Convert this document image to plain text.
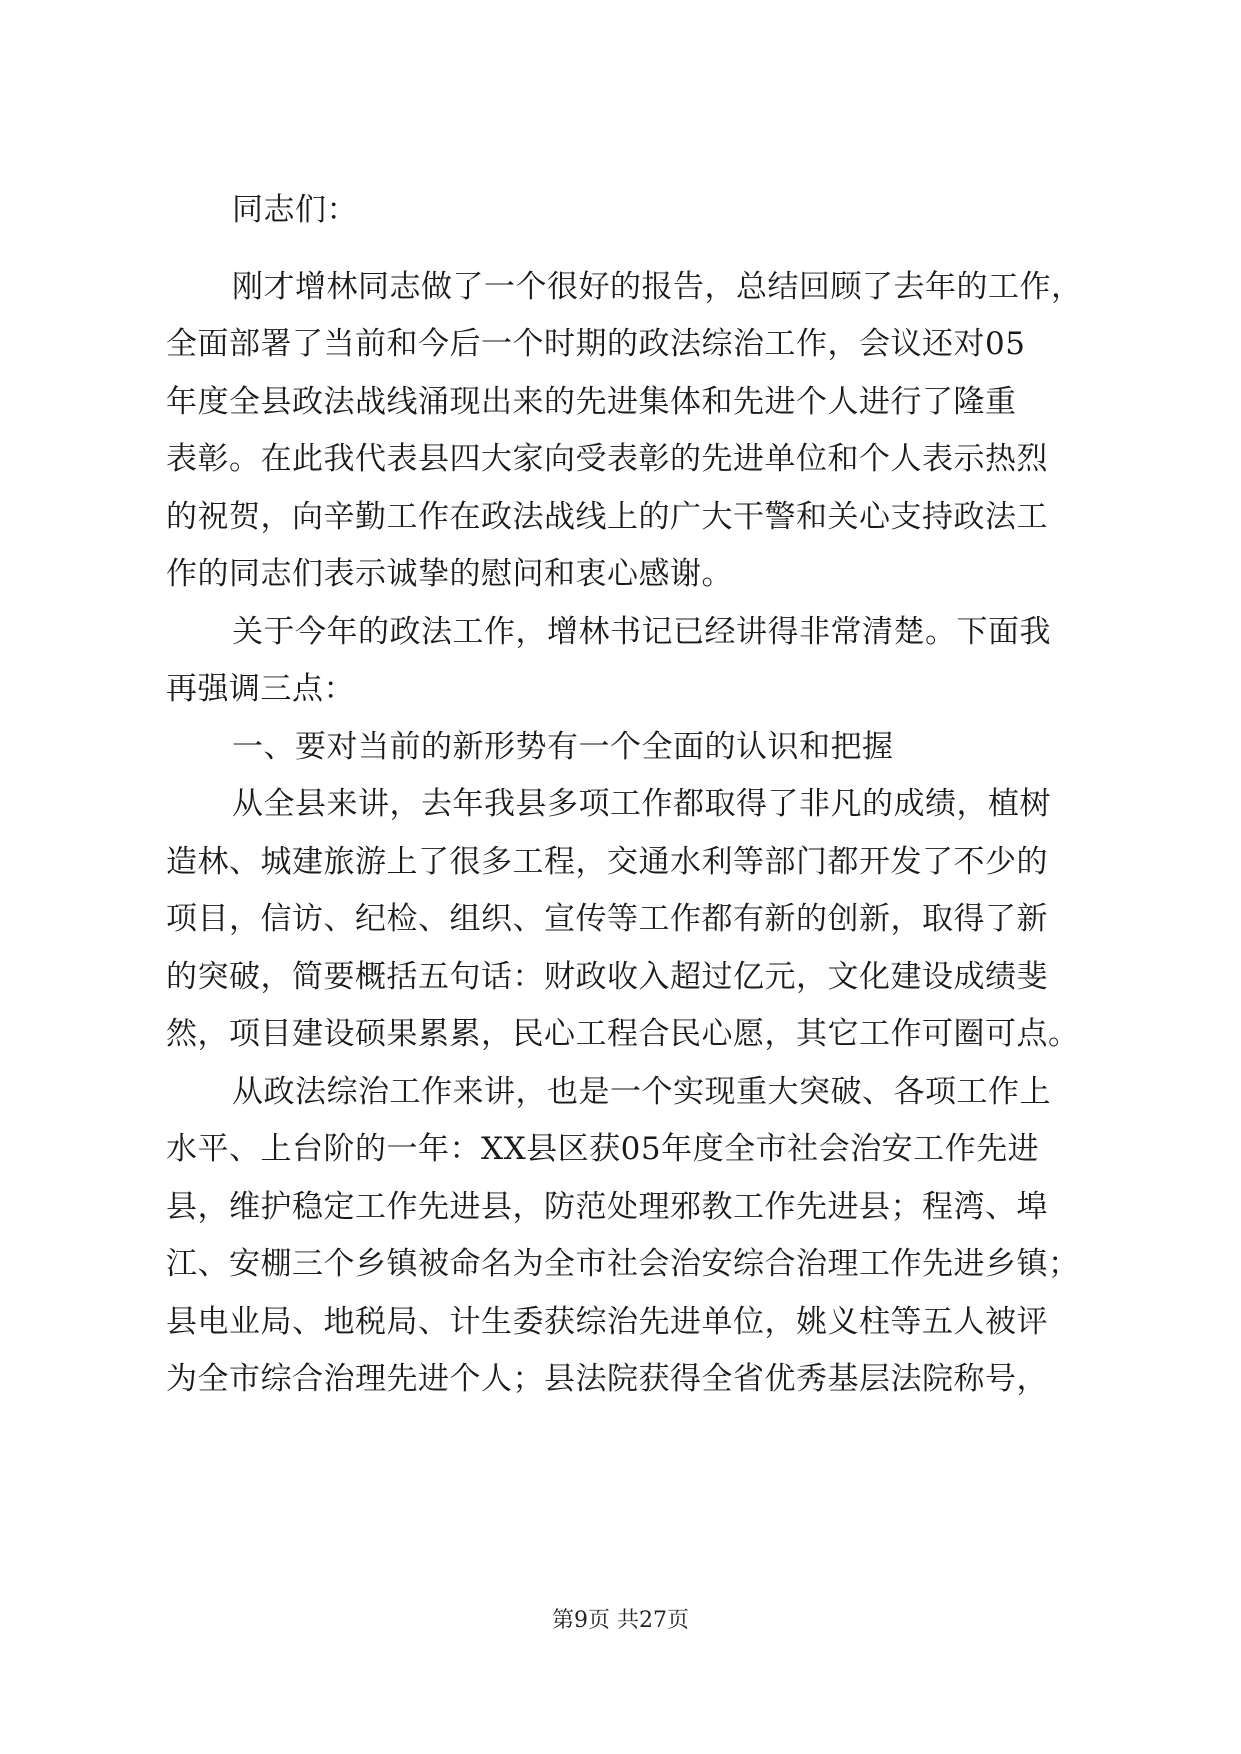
同志们：
刚才增林同志做了一个很好的报告，总结回顾了去年的工作，
全面部署了当前和今后一个时期的政法综治工作，会议还对05
年度全县政法战线涌现出来的先进集体和先进个人进行了隆重
表彰。在此我代表县四大家向受表彰的先进单位和个人表示热烈
的祝贺，向辛勤工作在政法战线上的广大干警和关心支持政法工
作的同志们表示诚挚的慰问和衷心感谢。
关于今年的政法工作，增林书记已经讲得非常清楚。下面我
再强调三点：
一、要对当前的新形势有一个全面的认识和把握
从全县来讲，去年我县多项工作都取得了非凡的成绩，植树
造林、城建旅游上了很多工程，交通水利等部门都开发了不少的
项目，信访、纪检、组织、宣传等工作都有新的创新，取得了新
的突破，简要概括五句话：财政收入超过亿元，文化建设成绩斐
然，项目建设硕果累累，民心工程合民心愿，其它工作可圈可点。
从政法综治工作来讲，也是一个实现重大突破、各项工作上
水平、上台阶的一年：XX县区获05年度全市社会治安工作先进
县，维护稳定工作先进县，防范处理邪教工作先进县；程湾、埠
江、安棚三个乡镇被命名为全市社会治安综合治理工作先进乡镇；
县电业局、地税局、计生委获综治先进单位，姚义柱等五人被评
为全市综合治理先进个人；县法院获得全省优秀基层法院称号，
第9页 共27页
